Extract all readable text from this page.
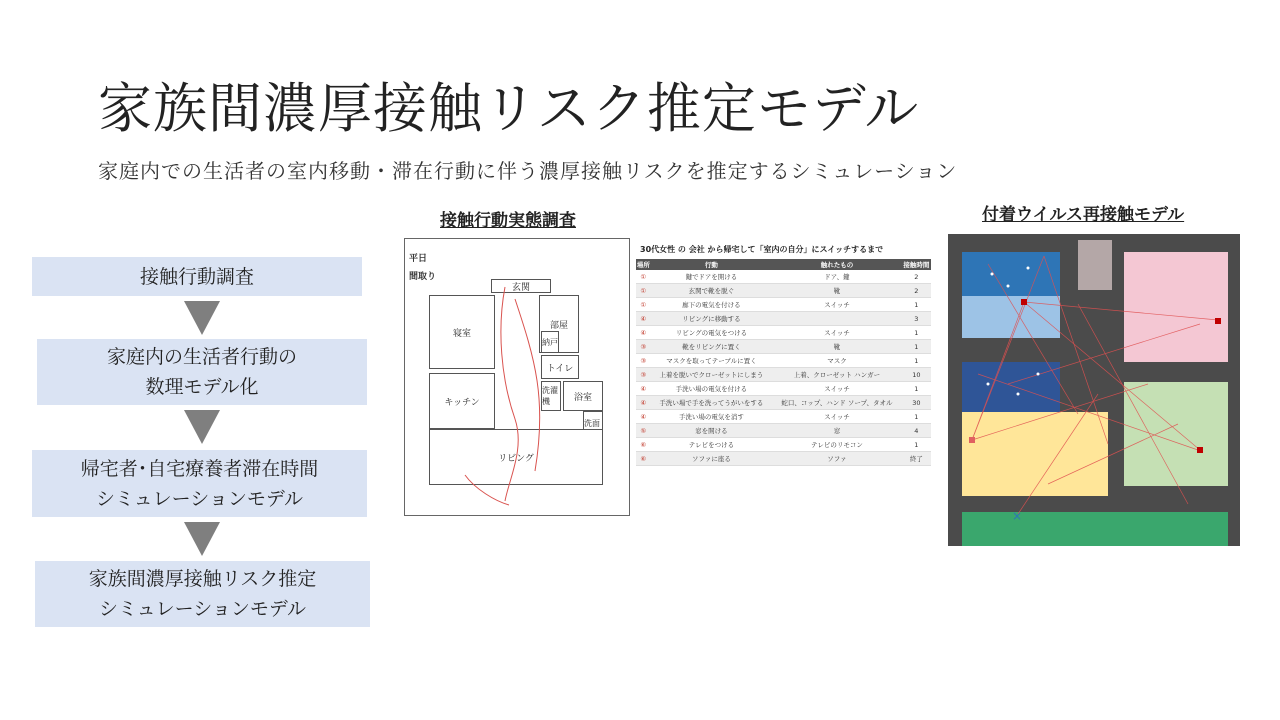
家族間濃厚接触リスク推定モデル
家庭内での生活者の室内移動・滞在行動に伴う濃厚接触リスクを推定するシミュレーション
接触行動調査
家庭内の生活者行動の
数理モデル化
帰宅者･自宅療養者滞在時間
シミュレーションモデル
家族間濃厚接触リスク推定
シミュレーションモデル
接触行動実態調査
平日
間取り
玄関
寝室
部屋
納戸
トイレ
洗濯機	浴室
洗面
キッチン
リビング
30代女性 の 会社 から帰宅して「室内の自分」にスイッチするまで
場所	行動	触れたもの	接触時間
①	鍵でドアを開ける	ドア、鍵	2
①	玄関で靴を脱ぐ	靴	2
①	廊下の電気を付ける	スイッチ	1
④	リビングに移動する		3
④	リビングの電気をつける	スイッチ	1
③	靴をリビングに置く	靴	1
③	マスクを取ってテーブルに置く	マスク	1
③	上着を脱いでクローゼットにしまう	上着、クローゼット ハンガー	10
④	手洗い場の電気を付ける	スイッチ	1
④	手洗い場で手を洗ってうがいをする	蛇口、コップ、ハンド ソープ、タオル	30
④	手洗い場の電気を消す	スイッチ	1
⑤	窓を開ける	窓	4
⑥	テレビをつける	テレビのリモコン	1
⑥	ソファに座る	ソファ	終了
付着ウイルス再接触モデル
×
